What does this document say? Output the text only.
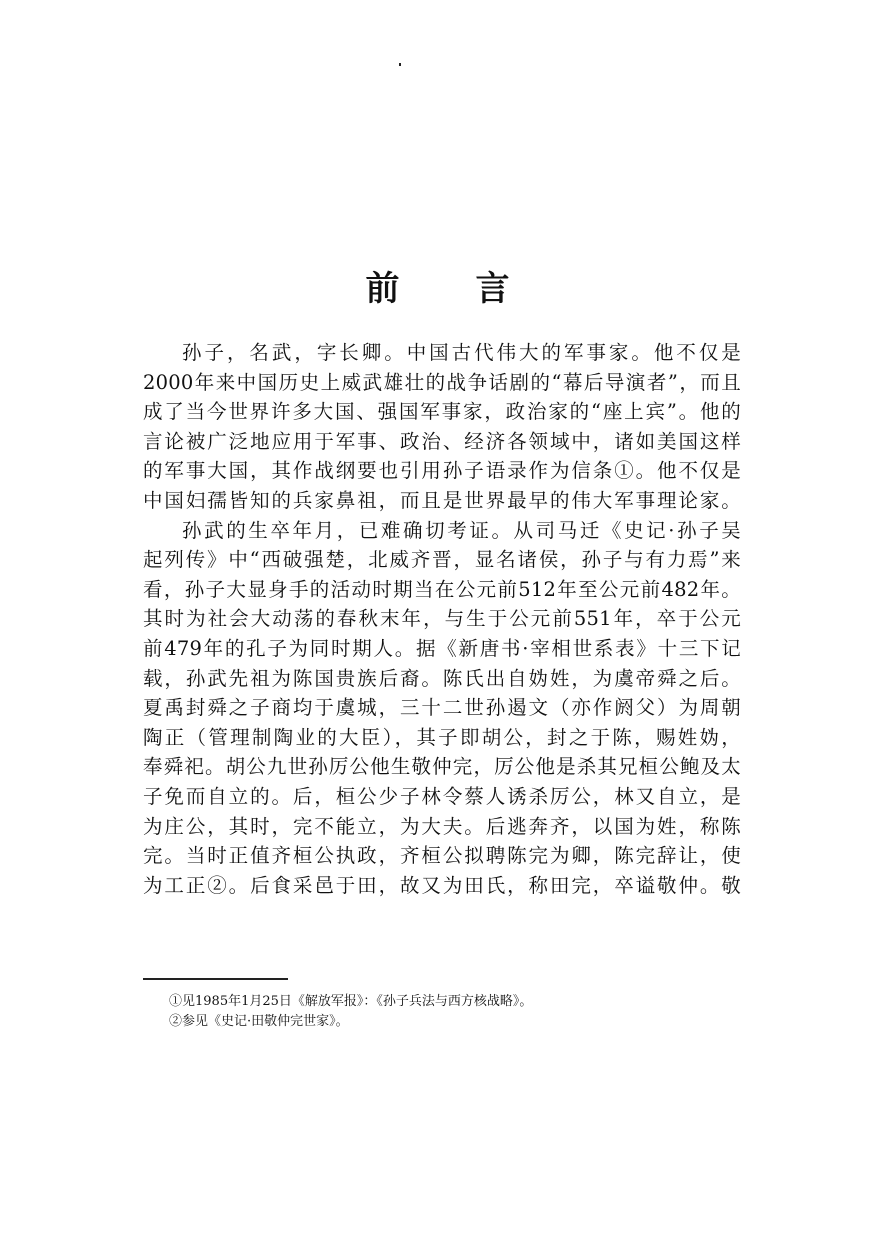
前 言
孙子，名武，字长卿。中国古代伟大的军事家。他不仅是
2000年来中国历史上威武雄壮的战争话剧的“幕后导演者”，而且
成了当今世界许多大国、强国军事家，政治家的“座上宾”。他的
言论被广泛地应用于军事、政治、经济各领域中，诸如美国这样
的军事大国，其作战纲要也引用孙子语录作为信条①。他不仅是
中国妇孺皆知的兵家鼻祖，而且是世界最早的伟大军事理论家。
孙武的生卒年月，已难确切考证。从司马迁《史记·孙子吴
起列传》中“西破强楚，北威齐晋，显名诸侯，孙子与有力焉”来
看，孙子大显身手的活动时期当在公元前512年至公元前482年。
其时为社会大动荡的春秋末年，与生于公元前551年，卒于公元
前479年的孔子为同时期人。据《新唐书·宰相世系表》十三下记
载，孙武先祖为陈国贵族后裔。陈氏出自妫姓，为虞帝舜之后。
夏禹封舜之子商均于虞城，三十二世孙遏文（亦作阏父）为周朝
陶正（管理制陶业的大臣），其子即胡公，封之于陈，赐姓妫，
奉舜祀。胡公九世孙厉公他生敬仲完，厉公他是杀其兄桓公鲍及太
子免而自立的。后，桓公少子林令蔡人诱杀厉公，林又自立，是
为庄公，其时，完不能立，为大夫。后逃奔齐，以国为姓，称陈
完。当时正值齐桓公执政，齐桓公拟聘陈完为卿，陈完辞让，使
为工正②。后食采邑于田，故又为田氏，称田完，卒谥敬仲。敬
①见1985年1月25日《解放军报》：《孙子兵法与西方核战略》。
②参见《史记·田敬仲完世家》。
